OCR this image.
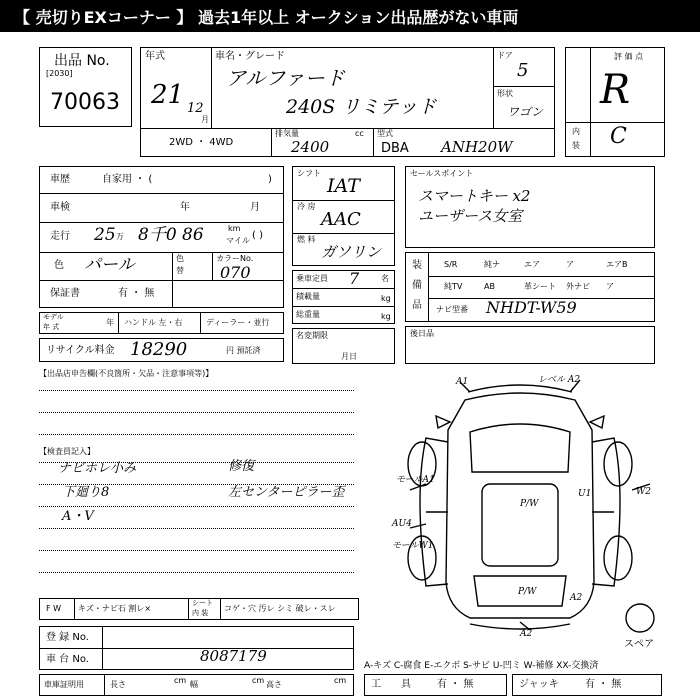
【 売切りEXコーナー 】 過去1年以上 オークション出品歴がない車両
出品 No.
[2030]
70063
年式
21 12
月
車名・グレード
アルファード
240S リミテッド
ドア
5
形状
ワゴン
2WD ・ 4WD
排気量	cc
2400
型式
DBA ANH20W
評 価 点
R
内
装 C
車歴	自家用 ・ (	)
車検	年	月
走行 25 万 8千0 86	km
マイル ( )
色 パール	色
替
カラーNo.
070
保証書	有 ・ 無
モデル
年 式	年 ハンドル 左・右	ディーラー・並行
リサイクル料金 18290	円 預託済
シフト
IAT
冷 房
AAC
燃 料
ガソリン
乗車定員 7	名
積載量	kg
総重量	kg
名変期限
月日
セールスポイント
スマートキー x2
ユーザース女室
装
備
品
S/R	純ナ	エア	ア	エアB
純TV	AB	革シート 外ナビ ア
ナビ型番 NHDT-W59
後日品
【出品店申告欄(不良箇所・欠品・注意事項等)】
【検査員記入】
ナビホレ小み
下廻り8
A・V
修復
左センターピラー歪
A1	レベル A2
モールA1
W2
AU4
モールW1
P/W
P/W
A2
A2
U1
スペア
F W キズ・ナビ石 割レ×
シート
内 装 コゲ・穴 汚レ シミ 破レ・スレ
登 録 No.
車 台 No.	8087179
A-キズ C-腐食 E-エクボ S-サビ U-凹ミ W-補修 XX-交換済
車庫証明用	長さ	cm 幅	cm 高さ	cm 工　　具	有 ・ 無	ジャッキ	有 ・ 無
